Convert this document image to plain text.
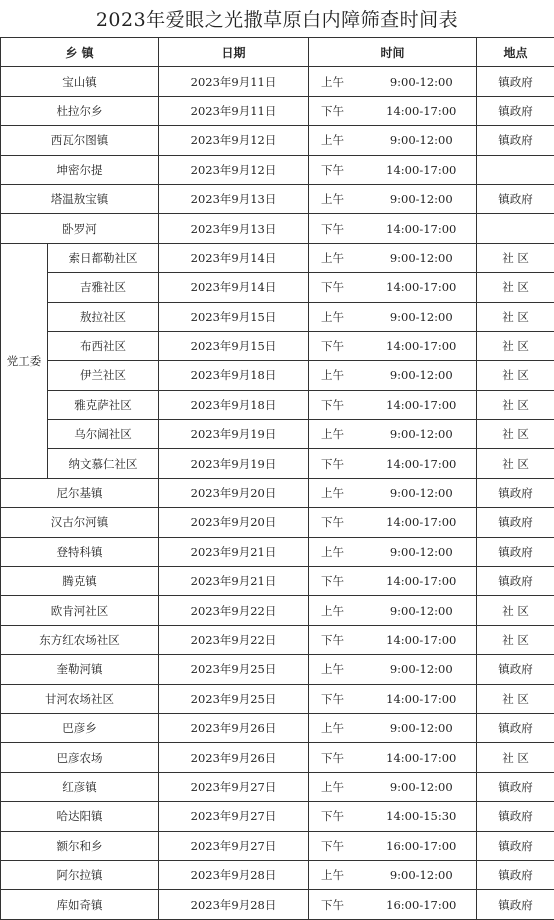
2023年爱眼之光撒草原白内障筛查时间表
乡 镇		日期	时间		地点
宝山镇		2023年9月11日	上午	9:00-12:00	镇政府
杜拉尔乡		2023年9月11日	下午	14:00-17:00	镇政府
西瓦尔图镇		2023年9月12日	上午	9:00-12:00	镇政府
坤密尔提		2023年9月12日	下午	14:00-17:00	
塔温敖宝镇		2023年9月13日	上午	9:00-12:00	镇政府
卧罗河		2023年9月13日	下午	14:00-17:00	
党工委	索日都勒社区	2023年9月14日	上午	9:00-12:00	社 区
	吉雅社区	2023年9月14日	下午	14:00-17:00	社 区
	敖拉社区	2023年9月15日	上午	9:00-12:00	社 区
	布西社区	2023年9月15日	下午	14:00-17:00	社 区
	伊兰社区	2023年9月18日	上午	9:00-12:00	社 区
	雅克萨社区	2023年9月18日	下午	14:00-17:00	社 区
	乌尔阔社区	2023年9月19日	上午	9:00-12:00	社 区
	纳文慕仁社区	2023年9月19日	下午	14:00-17:00	社 区
尼尔基镇		2023年9月20日	上午	9:00-12:00	镇政府
汉古尔河镇		2023年9月20日	下午	14:00-17:00	镇政府
登特科镇		2023年9月21日	上午	9:00-12:00	镇政府
腾克镇		2023年9月21日	下午	14:00-17:00	镇政府
欧肯河社区		2023年9月22日	上午	9:00-12:00	社 区
东方红农场社区		2023年9月22日	下午	14:00-17:00	社 区
奎勒河镇		2023年9月25日	上午	9:00-12:00	镇政府
甘河农场社区		2023年9月25日	下午	14:00-17:00	社 区
巴彦乡		2023年9月26日	上午	9:00-12:00	镇政府
巴彦农场		2023年9月26日	下午	14:00-17:00	社 区
红彦镇		2023年9月27日	上午	9:00-12:00	镇政府
哈达阳镇		2023年9月27日	下午	14:00-15:30	镇政府
额尔和乡		2023年9月27日	下午	16:00-17:00	镇政府
阿尔拉镇		2023年9月28日	上午	9:00-12:00	镇政府
库如奇镇		2023年9月28日	下午	16:00-17:00	镇政府
